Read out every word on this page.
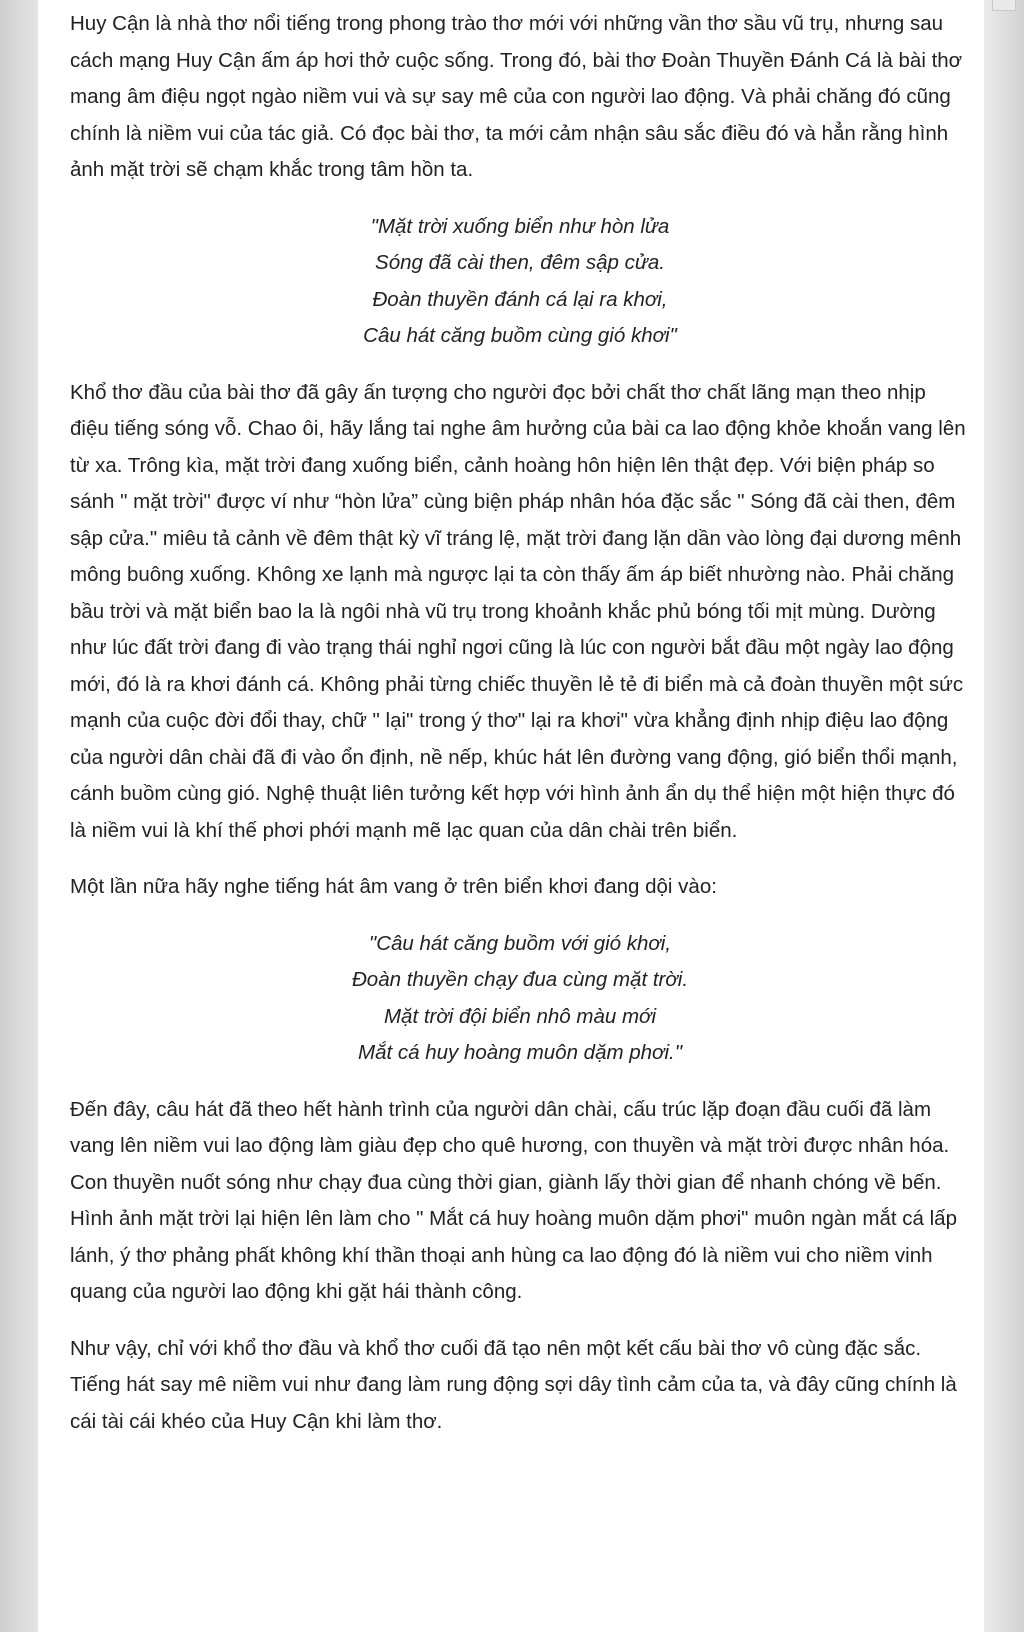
Huy Cận là nhà thơ nổi tiếng trong phong trào thơ mới với những vần thơ sầu vũ trụ, nhưng sau cách mạng Huy Cận ấm áp hơi thở cuộc sống. Trong đó, bài thơ Đoàn Thuyền Đánh Cá là bài thơ mang âm điệu ngọt ngào niềm vui và sự say mê của con người lao động. Và phải chăng đó cũng chính là niềm vui của tác giả. Có đọc bài thơ, ta mới cảm nhận sâu sắc điều đó và hẳn rằng hình ảnh mặt trời sẽ chạm khắc trong tâm hồn ta.

"Mặt trời xuống biển như hòn lửa
Sóng đã cài then, đêm sập cửa.
Đoàn thuyền đánh cá lại ra khơi,
Câu hát căng buồm cùng gió khơi"

Khổ thơ đầu của bài thơ đã gây ấn tượng cho người đọc bởi chất thơ chất lãng mạn theo nhịp điệu tiếng sóng vỗ. Chao ôi, hãy lắng tai nghe âm hưởng của bài ca lao động khỏe khoắn vang lên từ xa. Trông kìa, mặt trời đang xuống biển, cảnh hoàng hôn hiện lên thật đẹp. Với biện pháp so sánh " mặt trời" được ví như “hòn lửa” cùng biện pháp nhân hóa đặc sắc " Sóng đã cài then, đêm sập cửa." miêu tả cảnh về đêm thật kỳ vĩ tráng lệ, mặt trời đang lặn dần vào lòng đại dương mênh mông buông xuống. Không xe lạnh mà ngược lại ta còn thấy ấm áp biết nhường nào. Phải chăng bầu trời và mặt biển bao la là ngôi nhà vũ trụ trong khoảnh khắc phủ bóng tối mịt mùng. Dường như lúc đất trời đang đi vào trạng thái nghỉ ngơi cũng là lúc con người bắt đầu một ngày lao động mới, đó là ra khơi đánh cá. Không phải từng chiếc thuyền lẻ tẻ đi biển mà cả đoàn thuyền một sức mạnh của cuộc đời đổi thay, chữ " lại" trong ý thơ" lại ra khơi" vừa khẳng định nhịp điệu lao động của người dân chài đã đi vào ổn định, nề nếp, khúc hát lên đường vang động, gió biển thổi mạnh, cánh buồm cùng gió. Nghệ thuật liên tưởng kết hợp với hình ảnh ẩn dụ thể hiện một hiện thực đó là niềm vui là khí thế phơi phới mạnh mẽ lạc quan của dân chài trên biển.

Một lần nữa hãy nghe tiếng hát âm vang ở trên biển khơi đang dội vào:

"Câu hát căng buồm với gió khơi,
Đoàn thuyền chạy đua cùng mặt trời.
Mặt trời đội biển nhô màu mới
Mắt cá huy hoàng muôn dặm phơi."

Đến đây, câu hát đã theo hết hành trình của người dân chài, cấu trúc lặp đoạn đầu cuối đã làm vang lên niềm vui lao động làm giàu đẹp cho quê hương, con thuyền và mặt trời được nhân hóa. Con thuyền nuốt sóng như chạy đua cùng thời gian, giành lấy thời gian để nhanh chóng về bến. Hình ảnh mặt trời lại hiện lên làm cho " Mắt cá huy hoàng muôn dặm phơi" muôn ngàn mắt cá lấp lánh, ý thơ phảng phất không khí thần thoại anh hùng ca lao động đó là niềm vui cho niềm vinh quang của người lao động khi gặt hái thành công.

Như vậy, chỉ với khổ thơ đầu và khổ thơ cuối đã tạo nên một kết cấu bài thơ vô cùng đặc sắc. Tiếng hát say mê niềm vui như đang làm rung động sợi dây tình cảm của ta, và đây cũng chính là cái tài cái khéo của Huy Cận khi làm thơ.
